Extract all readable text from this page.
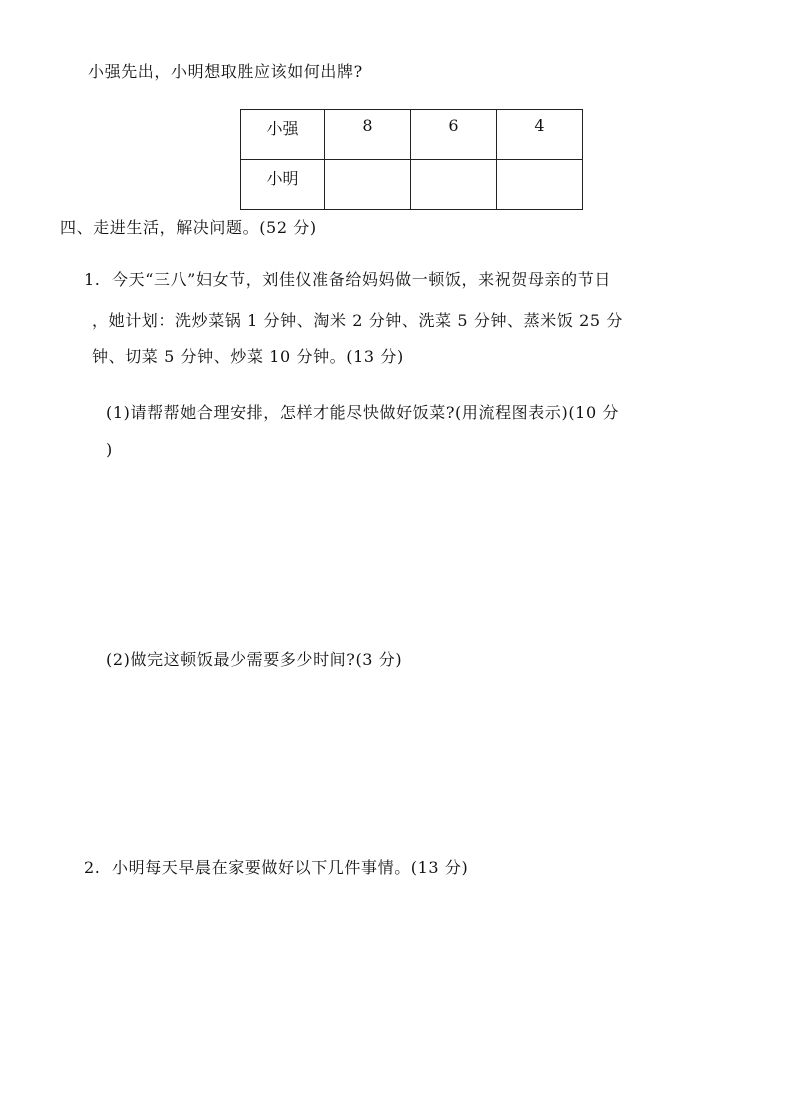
小强先出，小明想取胜应该如何出牌?
小强	8	6	4
小明			
四、走进生活，解决问题。(52 分)
1. 今天“三八”妇女节，刘佳仪准备给妈妈做一顿饭，来祝贺母亲的节日
，她计划：洗炒菜锅 1 分钟、淘米 2 分钟、洗菜 5 分钟、蒸米饭 25 分
钟、切菜 5 分钟、炒菜 10 分钟。(13 分)
(1)请帮帮她合理安排，怎样才能尽快做好饭菜?(用流程图表示)(10 分
)
(2)做完这顿饭最少需要多少时间?(3 分)
2. 小明每天早晨在家要做好以下几件事情。(13 分)
